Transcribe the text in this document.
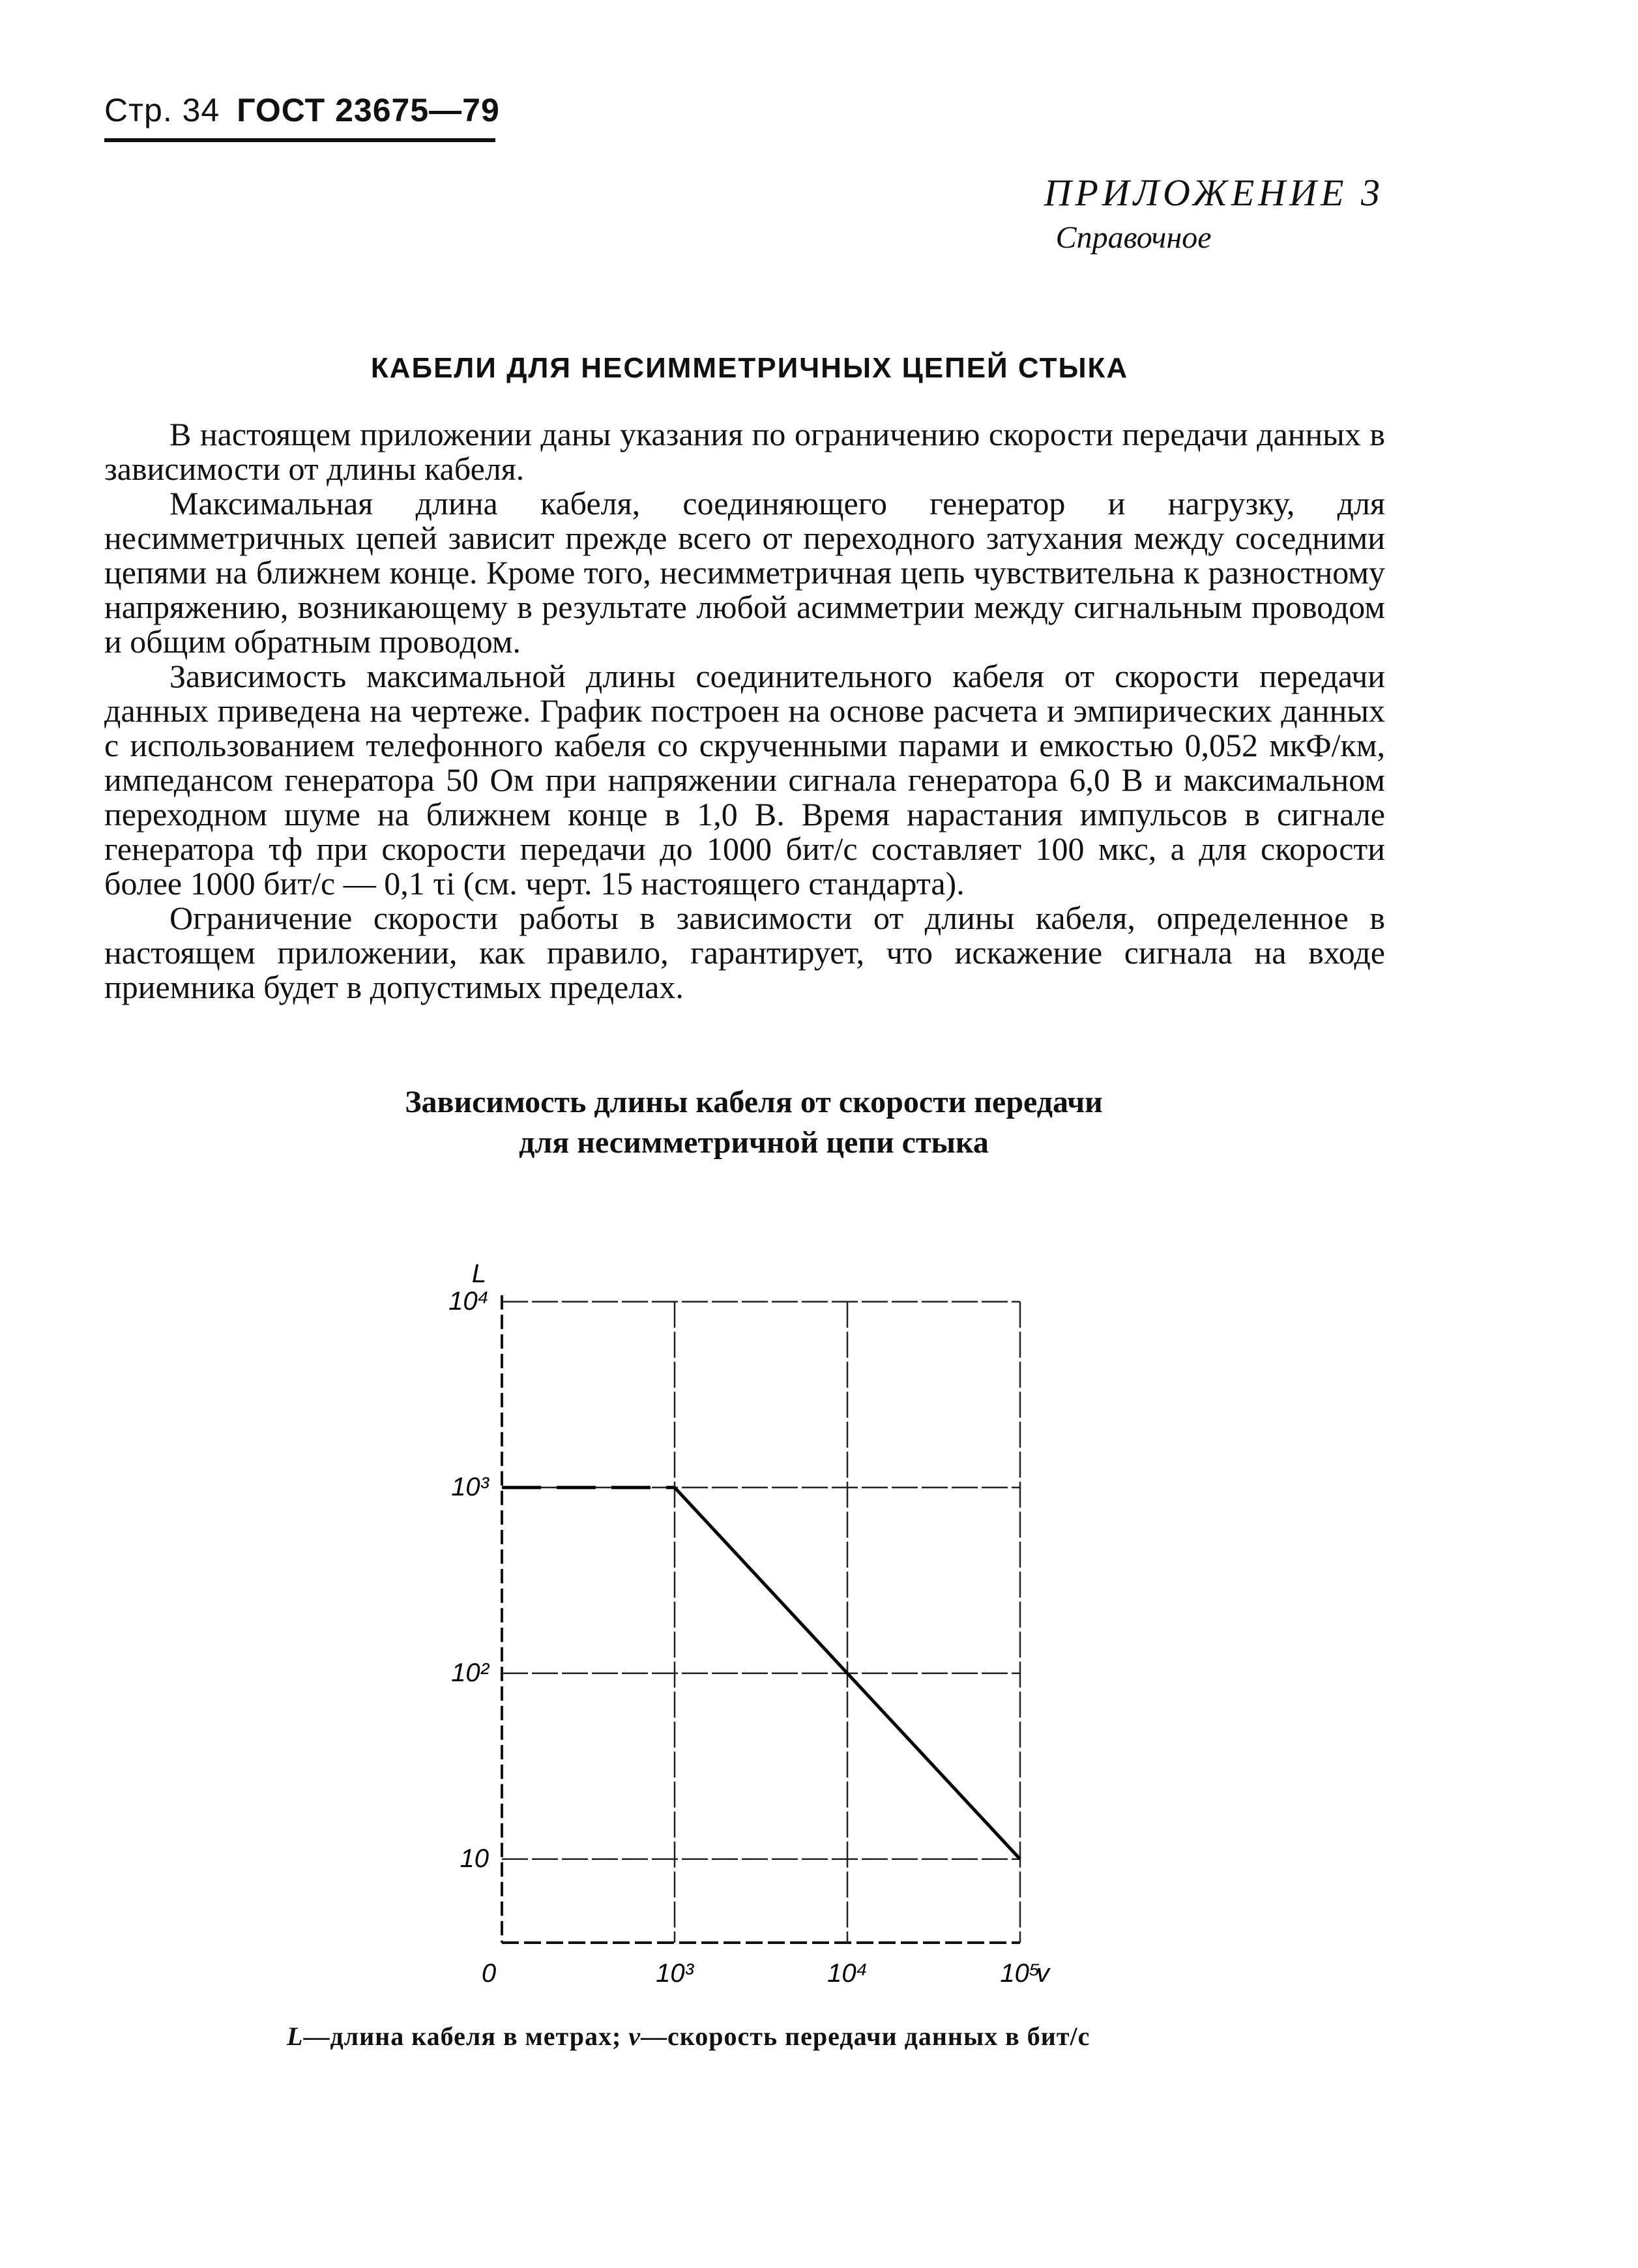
Стр. 34 ГОСТ 23675—79
ПРИЛОЖЕНИЕ 3
Справочное
КАБЕЛИ ДЛЯ НЕСИММЕТРИЧНЫХ ЦЕПЕЙ СТЫКА

В настоящем приложении даны указания по ограничению скорости передачи данных в зависимости от длины кабеля.

Максимальная длина кабеля, соединяющего генератор и нагрузку, для несимметричных цепей зависит прежде всего от переходного затухания между соседними цепями на ближнем конце. Кроме того, несимметричная цепь чувствительна к разностному напряжению, возникающему в результате любой асимметрии между сигнальным проводом и общим обратным проводом.

Зависимость максимальной длины соединительного кабеля от скорости передачи данных приведена на чертеже. График построен на основе расчета и эмпирических данных с использованием телефонного кабеля со скрученными парами и емкостью 0,052 мкФ/км, импедансом генератора 50 Ом при напряжении сигнала генератора 6,0 В и максимальном переходном шуме на ближнем конце в 1,0 В. Время нарастания импульсов в сигнале генератора τф при скорости передачи до 1000 бит/с составляет 100 мкс, а для скорости более 1000 бит/с — 0,1 τi (см. черт. 15 настоящего стандарта).

Ограничение скорости работы в зависимости от длины кабеля, определенное в настоящем приложении, как правило, гарантирует, что искажение сигнала на входе приемника будет в допустимых пределах.

Зависимость длины кабеля от скорости передачи
для несимметричной цепи стыка
10
10²
10³
10⁴
0	10³	10⁴	10⁵
L
v
L—длина кабеля в метрах; v—скорость передачи данных в бит/с
